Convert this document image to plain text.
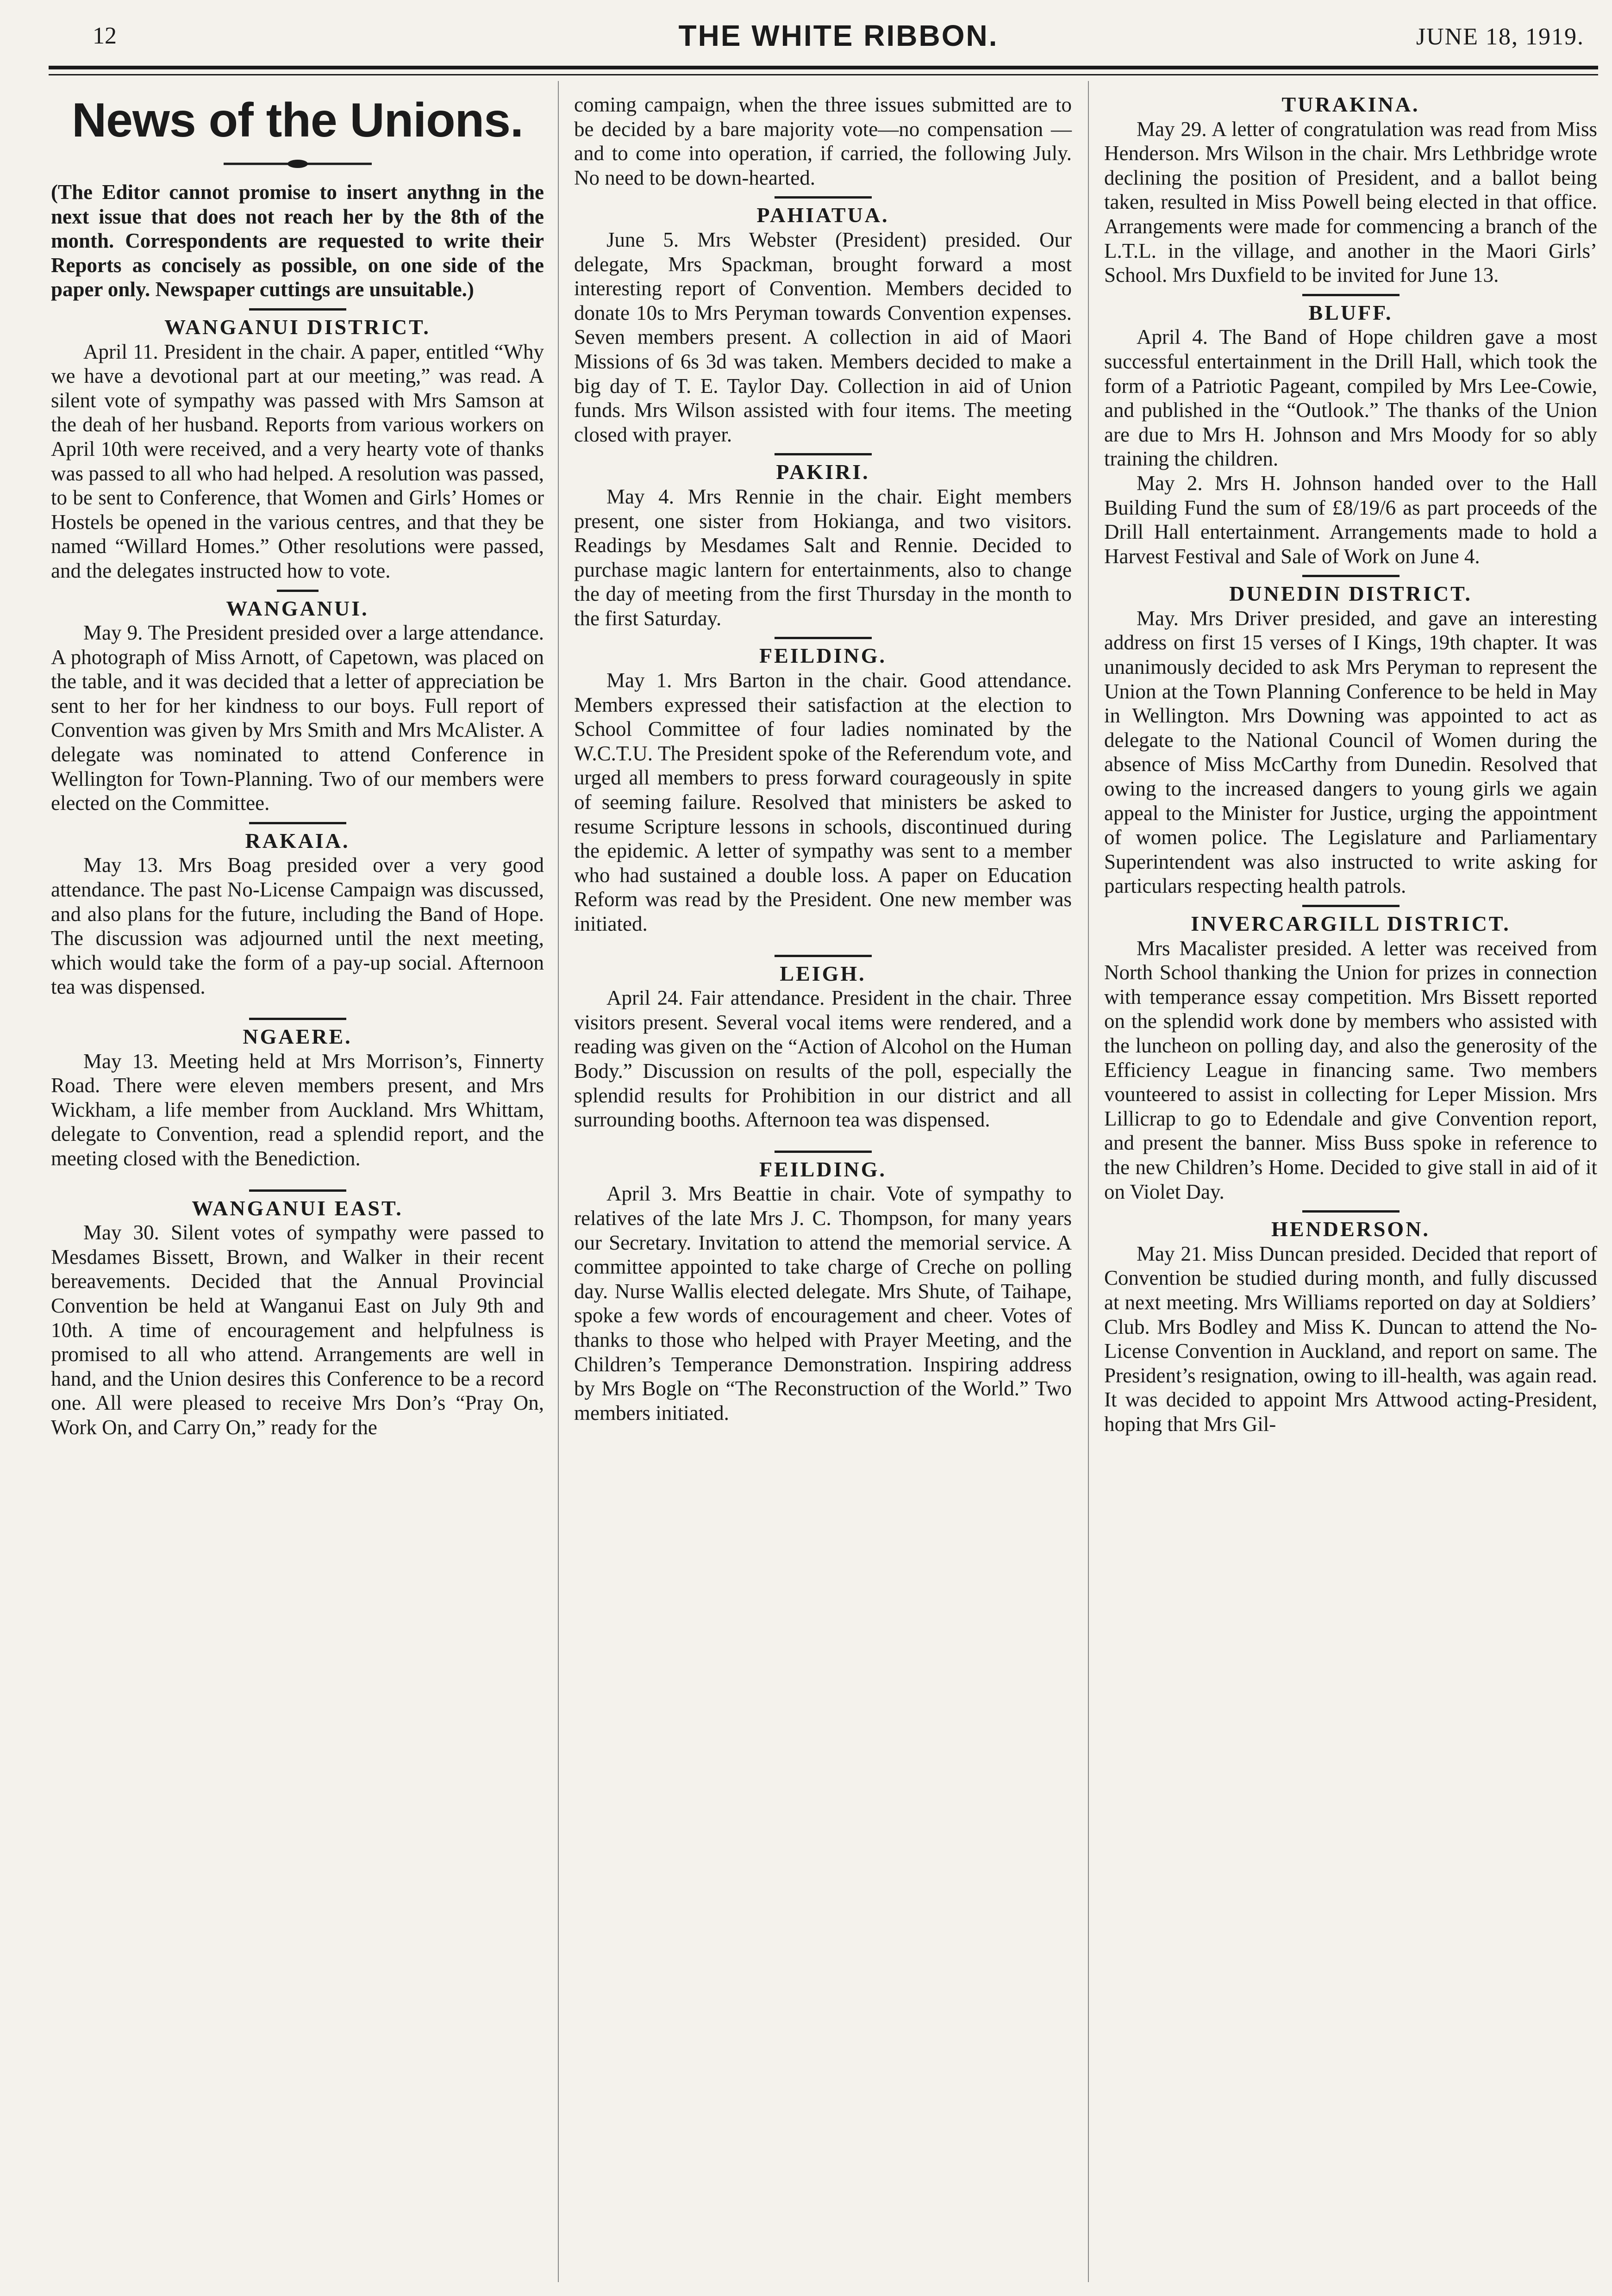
12	THE WHITE RIBBON.	JUNE 18, 1919.
News of the Unions.

(The Editor cannot promise to insert anythng in the next issue that does not reach her by the 8th of the month. Correspondents are requested to write their Reports as concisely as possible, on one side of the paper only. Newspaper cuttings are unsuitable.)

WANGANUI DISTRICT.

April 11. President in the chair. A paper, entitled “Why we have a devotional part at our meeting,” was read. A silent vote of sympathy was passed with Mrs Samson at the deah of her husband. Reports from various workers on April 10th were received, and a very hearty vote of thanks was passed to all who had helped. A resolution was passed, to be sent to Conference, that Women and Girls’ Homes or Hostels be opened in the various centres, and that they be named “Willard Homes.” Other resolutions were passed, and the delegates instructed how to vote.

WANGANUI.

May 9. The President presided over a large attendance. A photograph of Miss Arnott, of Capetown, was placed on the table, and it was decided that a letter of appreciation be sent to her for her kindness to our boys. Full report of Convention was given by Mrs Smith and Mrs McAlister. A delegate was nominated to attend Conference in Wellington for Town-Planning. Two of our members were elected on the Committee.

RAKAIA.

May 13. Mrs Boag presided over a very good attendance. The past No-License Campaign was discussed, and also plans for the future, including the Band of Hope. The discussion was adjourned until the next meeting, which would take the form of a pay-up social. Afternoon tea was dispensed.

NGAERE.

May 13. Meeting held at Mrs Morrison’s, Finnerty Road. There were eleven members present, and Mrs Wickham, a life member from Auckland. Mrs Whittam, delegate to Convention, read a splendid report, and the meeting closed with the Benediction.

WANGANUI EAST.

May 30. Silent votes of sympathy were passed to Mesdames Bissett, Brown, and Walker in their recent bereavements. Decided that the Annual Provincial Convention be held at Wanganui East on July 9th and 10th. A time of encouragement and helpfulness is promised to all who attend. Arrangements are well in hand, and the Union desires this Conference to be a record one. All were pleased to receive Mrs Don’s “Pray On, Work On, and Carry On,” ready for the

coming campaign, when the three issues submitted are to be decided by a bare majority vote—no compensation —and to come into operation, if carried, the following July. No need to be down-hearted.

PAHIATUA.

June 5. Mrs Webster (President) presided. Our delegate, Mrs Spackman, brought forward a most interesting report of Convention. Members decided to donate 10s to Mrs Peryman towards Convention expenses. Seven members present. A collection in aid of Maori Missions of 6s 3d was taken. Members decided to make a big day of T. E. Taylor Day. Collection in aid of Union funds. Mrs Wilson assisted with four items. The meeting closed with prayer.

PAKIRI.

May 4. Mrs Rennie in the chair. Eight members present, one sister from Hokianga, and two visitors. Readings by Mesdames Salt and Rennie. Decided to purchase magic lantern for entertainments, also to change the day of meeting from the first Thursday in the month to the first Saturday.

FEILDING.

May 1. Mrs Barton in the chair. Good attendance. Members expressed their satisfaction at the election to School Committee of four ladies nominated by the W.C.T.U. The President spoke of the Referendum vote, and urged all members to press forward courageously in spite of seeming failure. Resolved that ministers be asked to resume Scripture lessons in schools, discontinued during the epidemic. A letter of sympathy was sent to a member who had sustained a double loss. A paper on Education Reform was read by the President. One new member was initiated.

LEIGH.

April 24. Fair attendance. President in the chair. Three visitors present. Several vocal items were rendered, and a reading was given on the “Action of Alcohol on the Human Body.” Discussion on results of the poll, especially the splendid results for Prohibition in our district and all surrounding booths. Afternoon tea was dispensed.

FEILDING.

April 3. Mrs Beattie in chair. Vote of sympathy to relatives of the late Mrs J. C. Thompson, for many years our Secretary. Invitation to attend the memorial service. A committee appointed to take charge of Creche on polling day. Nurse Wallis elected delegate. Mrs Shute, of Taihape, spoke a few words of encouragement and cheer. Votes of thanks to those who helped with Prayer Meeting, and the Children’s Temperance Demonstration. Inspiring address by Mrs Bogle on “The Reconstruction of the World.” Two members initiated.

TURAKINA.

May 29. A letter of congratulation was read from Miss Henderson. Mrs Wilson in the chair. Mrs Lethbridge wrote declining the position of President, and a ballot being taken, resulted in Miss Powell being elected in that office. Arrangements were made for commencing a branch of the L.T.L. in the village, and another in the Maori Girls’ School. Mrs Duxfield to be invited for June 13.

BLUFF.

April 4. The Band of Hope children gave a most successful entertainment in the Drill Hall, which took the form of a Patriotic Pageant, compiled by Mrs Lee-Cowie, and published in the “Outlook.” The thanks of the Union are due to Mrs H. Johnson and Mrs Moody for so ably training the children.

May 2. Mrs H. Johnson handed over to the Hall Building Fund the sum of £8/19/6 as part proceeds of the Drill Hall entertainment. Arrangements made to hold a Harvest Festival and Sale of Work on June 4.

DUNEDIN DISTRICT.

May. Mrs Driver presided, and gave an interesting address on first 15 verses of I Kings, 19th chapter. It was unanimously decided to ask Mrs Peryman to represent the Union at the Town Planning Conference to be held in May in Wellington. Mrs Downing was appointed to act as delegate to the National Council of Women during the absence of Miss McCarthy from Dunedin. Resolved that owing to the increased dangers to young girls we again appeal to the Minister for Justice, urging the appointment of women police. The Legislature and Parliamentary Superintendent was also instructed to write asking for particulars respecting health patrols.

INVERCARGILL DISTRICT.

Mrs Macalister presided. A letter was received from North School thanking the Union for prizes in connection with temperance essay competition. Mrs Bissett reported on the splendid work done by members who assisted with the luncheon on polling day, and also the generosity of the Efficiency League in financing same. Two members vounteered to assist in collecting for Leper Mission. Mrs Lillicrap to go to Edendale and give Convention report, and present the banner. Miss Buss spoke in reference to the new Children’s Home. Decided to give stall in aid of it on Violet Day.

HENDERSON.

May 21. Miss Duncan presided. Decided that report of Convention be studied during month, and fully discussed at next meeting. Mrs Williams reported on day at Soldiers’ Club. Mrs Bodley and Miss K. Duncan to attend the No-License Convention in Auckland, and report on same. The President’s resignation, owing to ill-health, was again read. It was decided to appoint Mrs Attwood acting-President, hoping that Mrs Gil-
